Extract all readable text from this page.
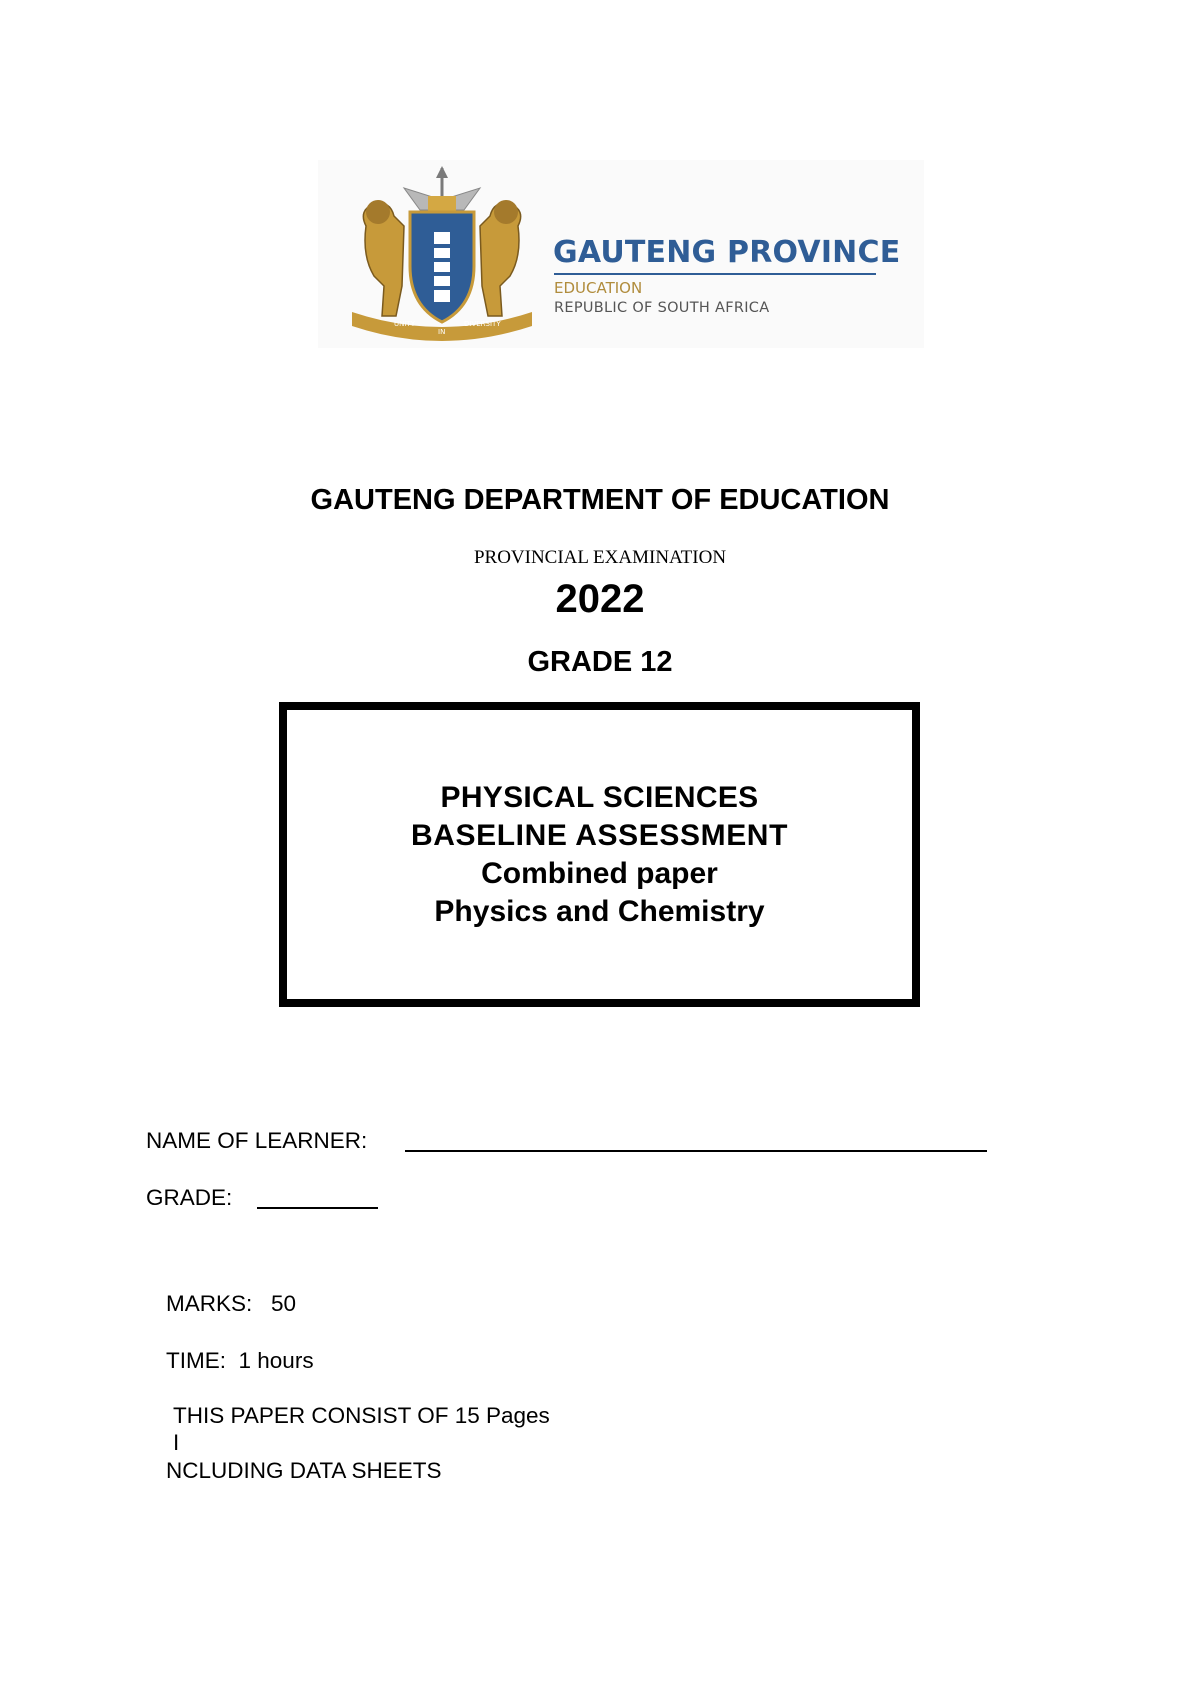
UNITY
IN
DIVERSITY
GAUTENG PROVINCE
EDUCATION
REPUBLIC OF SOUTH AFRICA
GAUTENG DEPARTMENT OF EDUCATION
PROVINCIAL EXAMINATION
2022
GRADE 12
PHYSICAL SCIENCES
BASELINE ASSESSMENT
Combined paper
Physics and Chemistry
NAME OF LEARNER:
GRADE:
MARKS: 50
TIME: 1 hours
THIS PAPER CONSIST OF 15 Pages
I
NCLUDING DATA SHEETS
